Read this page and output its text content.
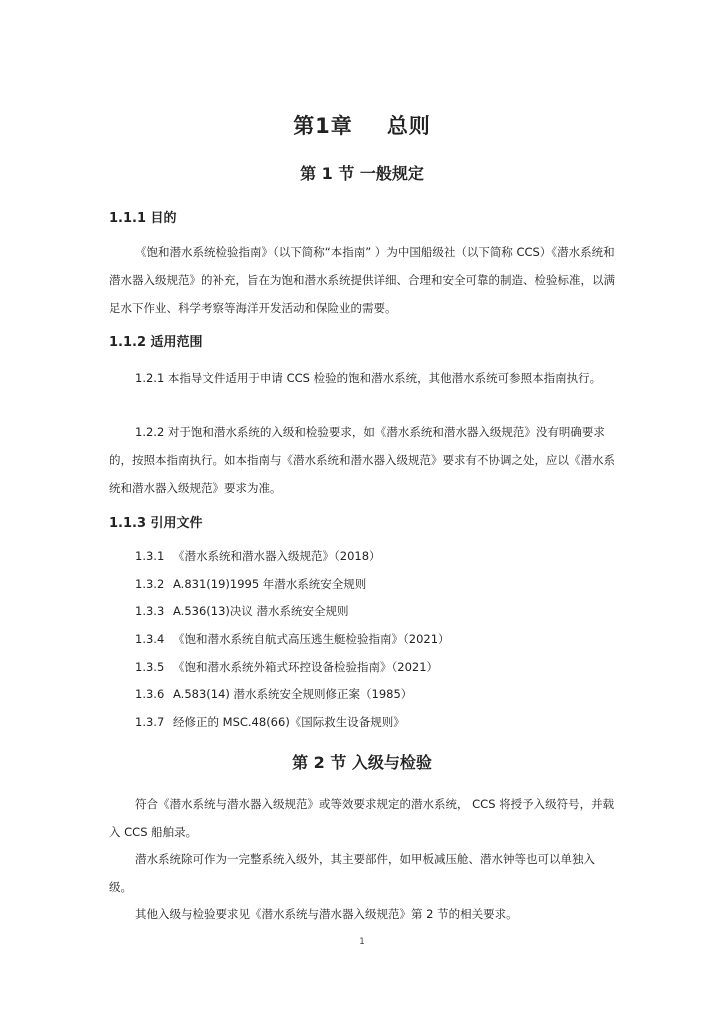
第1章 总则
第 1 节 一般规定
1.1.1 目的
《饱和潜水系统检验指南》（以下简称“本指南” ）为中国船级社（以下简称 CCS）《潜水系统和潜水器入级规范》的补充，旨在为饱和潜水系统提供详细、合理和安全可靠的制造、检验标准，以满足水下作业、科学考察等海洋开发活动和保险业的需要。
1.1.2 适用范围
1.2.1 本指导文件适用于申请 CCS 检验的饱和潜水系统，其他潜水系统可参照本指南执行。
1.2.2 对于饱和潜水系统的入级和检验要求，如《潜水系统和潜水器入级规范》没有明确要求的，按照本指南执行。如本指南与《潜水系统和潜水器入级规范》要求有不协调之处，应以《潜水系统和潜水器入级规范》要求为准。
1.1.3 引用文件
1.3.1 《潜水系统和潜水器入级规范》（2018）
1.3.2 A.831(19)1995 年潜水系统安全规则
1.3.3 A.536(13)决议 潜水系统安全规则
1.3.4 《饱和潜水系统自航式高压逃生艇检验指南》（2021）
1.3.5 《饱和潜水系统外箱式环控设备检验指南》（2021）
1.3.6 A.583(14) 潜水系统安全规则修正案（1985）
1.3.7 经修正的 MSC.48(66)《国际救生设备规则》
第 2 节 入级与检验
符合《潜水系统与潜水器入级规范》或等效要求规定的潜水系统， CCS 将授予入级符号，并载入 CCS 船舶录。
潜水系统除可作为一完整系统入级外，其主要部件，如甲板减压舱、潜水钟等也可以单独入级。
其他入级与检验要求见《潜水系统与潜水器入级规范》第 2 节的相关要求。
1
